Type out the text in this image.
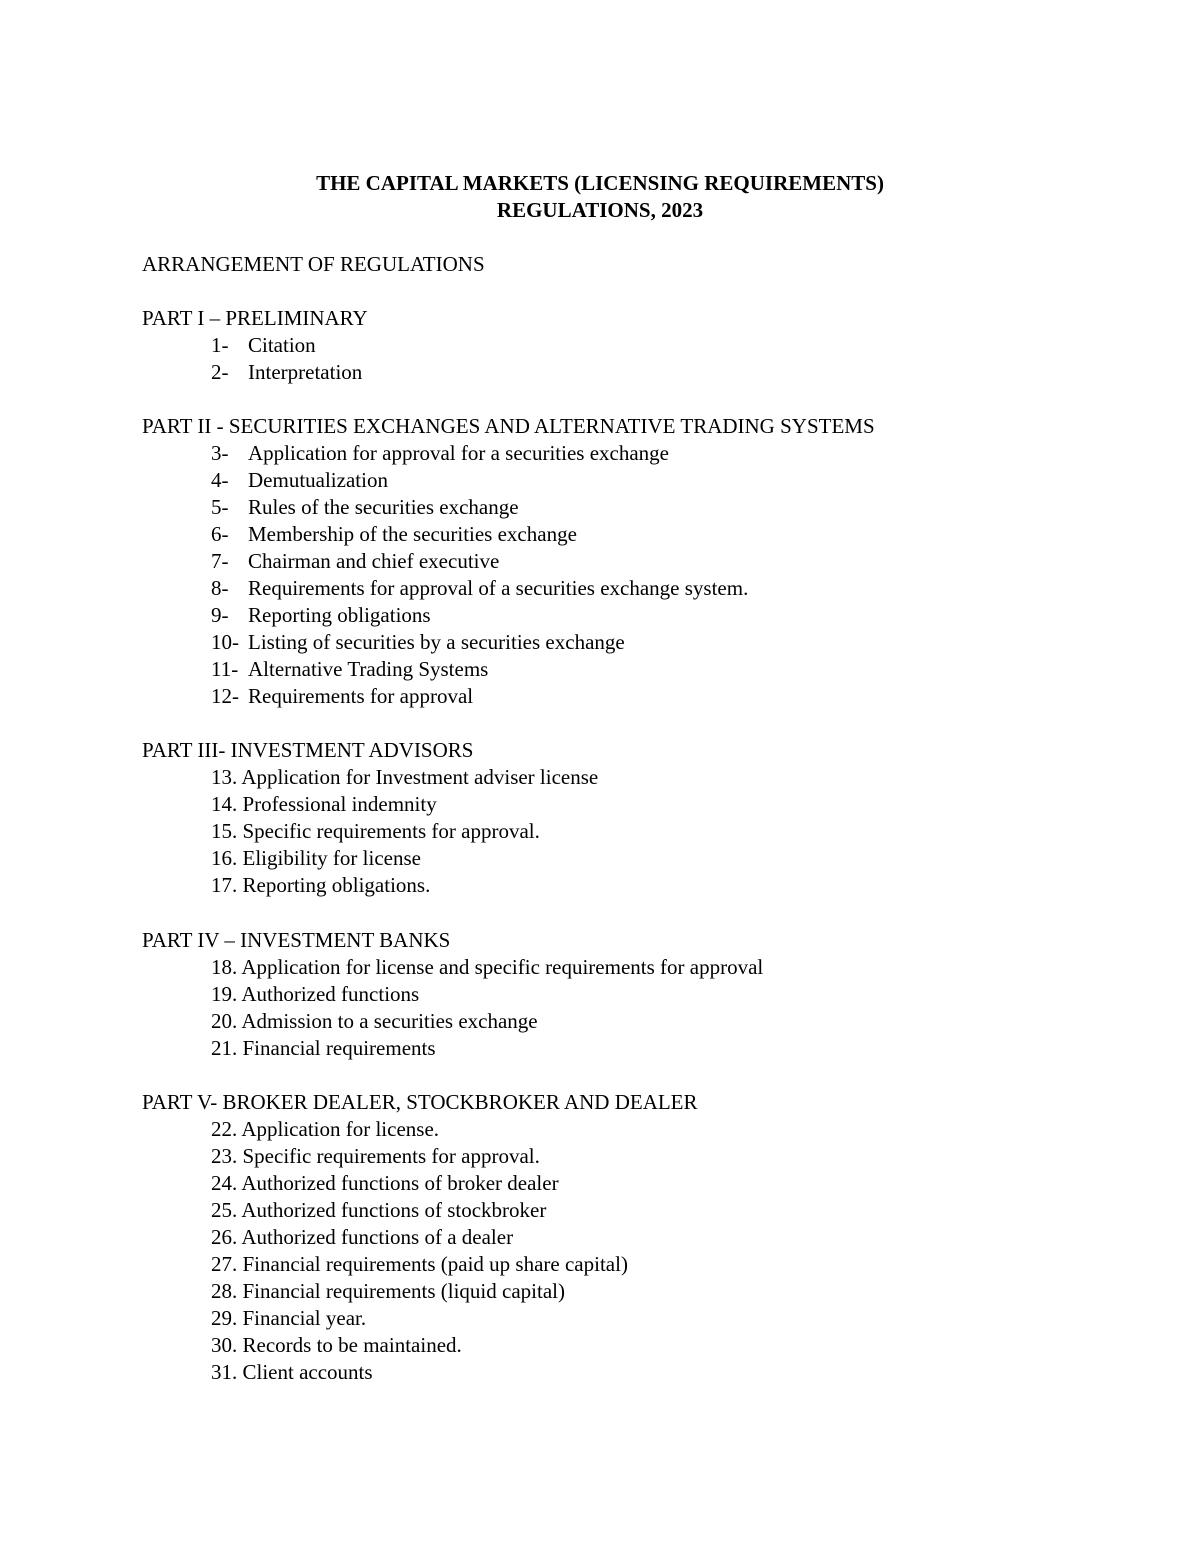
THE CAPITAL MARKETS (LICENSING REQUIREMENTS)
REGULATIONS, 2023
ARRANGEMENT OF REGULATIONS
PART I – PRELIMINARY
1- Citation
2- Interpretation
PART II - SECURITIES EXCHANGES AND ALTERNATIVE TRADING SYSTEMS
3- Application for approval for a securities exchange
4- Demutualization
5- Rules of the securities exchange
6- Membership of the securities exchange
7- Chairman and chief executive
8- Requirements for approval of a securities exchange system.
9- Reporting obligations
10- Listing of securities by a securities exchange
11- Alternative Trading Systems
12- Requirements for approval
PART III- INVESTMENT ADVISORS
13. Application for Investment adviser license
14. Professional indemnity
15. Specific requirements for approval.
16. Eligibility for license
17. Reporting obligations.
PART IV – INVESTMENT BANKS
18. Application for license and specific requirements for approval
19. Authorized functions
20. Admission to a securities exchange
21. Financial requirements
PART V- BROKER DEALER, STOCKBROKER AND DEALER
22. Application for license.
23. Specific requirements for approval.
24. Authorized functions of broker dealer
25. Authorized functions of stockbroker
26. Authorized functions of a dealer
27. Financial requirements (paid up share capital)
28. Financial requirements (liquid capital)
29. Financial year.
30. Records to be maintained.
31. Client accounts
